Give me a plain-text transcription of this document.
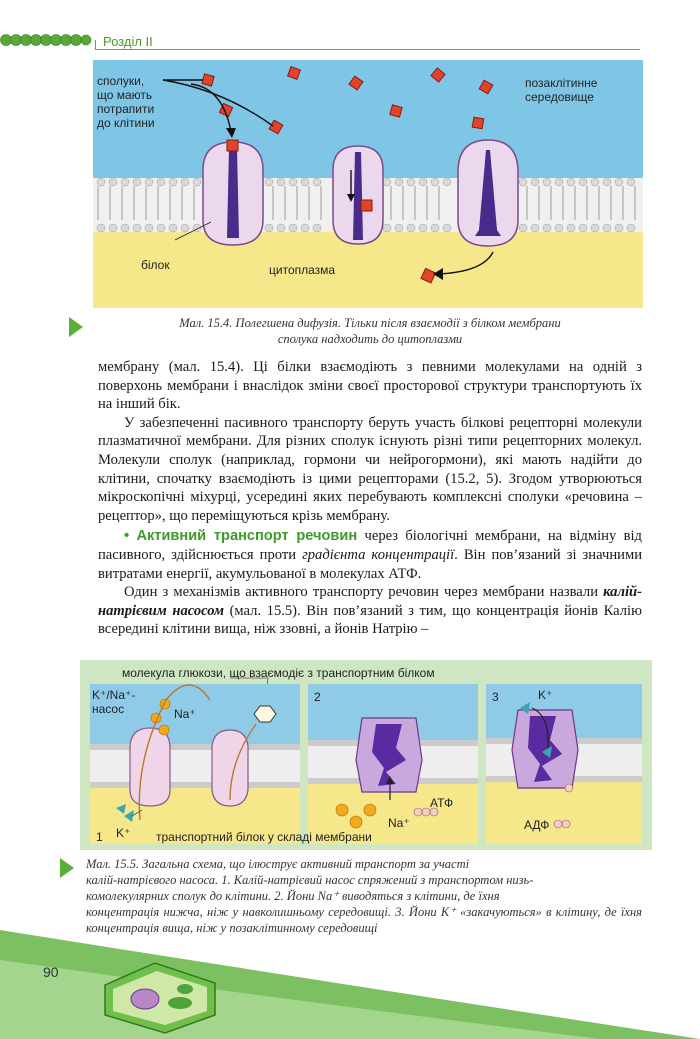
Розділ ІІ
сполуки,
що мають
потрапити
до клітини
позаклітинне
середовище
білок	цитоплазма
Мал. 15.4. Полегшена дифузія. Тільки після взаємодії з білком мембрани
сполука надходить до цитоплазми

мембрану (мал. 15.4). Ці білки взаємодіють з певними молекулами на одній з поверхонь мембрани і внаслідок зміни своєї просторової структури транспортують їх на інший бік.

У забезпеченні пасивного транспорту беруть участь білкові рецепторні молекули плазматичної мембрани. Для різних сполук існують різні типи рецепторних молекул. Молекули сполук (наприклад, гормони чи нейрогормони), які мають надійти до клітини, спочатку взаємодіють із цими рецепторами (15.2, 5). Згодом утворюються мікроскопічні міхурці, усередині яких перебувають комплексні сполуки «речовина – рецептор», що переміщуються крізь мембрану.

• Активний транспорт речовин через біологічні мембрани, на відміну від пасивного, здійснюється проти градієнта концентрації. Він пов’язаний зі значними витратами енергії, акумульованої в молекулах АТФ.

Один з механізмів активного транспорту речовин через мембрани назвали калій-натрієвим насосом (мал. 15.5). Він пов’язаний з тим, що концентрація йонів Калію всередині клітини вища, ніж ззовні, а йонів Натрію –

молекула глюкози, що взаємодіє з транспортним білком
K⁺/Na⁺-
насос	Na⁺
K⁺
1	транспортний білок у складі мембрани
2
АТФ
Na⁺
3	K⁺
АДФ
Мал. 15.5. Загальна схема, що ілюструє активний транспорт за участі
калій-натрієвого насоса. 1. Калій-натрієвий насос спряжений з транспортом низь-
комолекулярних сполук до клітини. 2. Йони Na⁺ виводяться з клітини, де їхня
концентрація нижча, ніж у навколишньому середовищі. 3. Йони K⁺ «закачуються» в клітину, де їхня концентрація вища, ніж у позаклітинному середовищі
90
